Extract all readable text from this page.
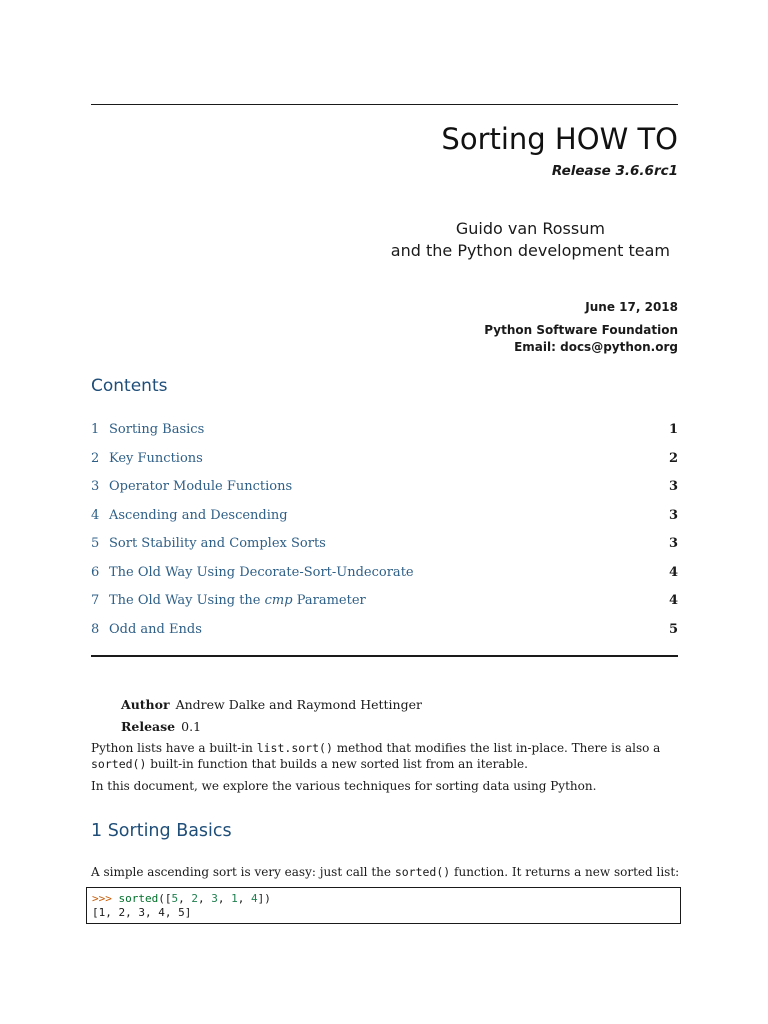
Sorting HOW TO
Release 3.6.6rc1
Guido van Rossum
and the Python development team
June 17, 2018
Python Software Foundation
Email: docs@python.org
Contents
1 Sorting Basics	1
2 Key Functions	2
3 Operator Module Functions	3
4 Ascending and Descending	3
5 Sort Stability and Complex Sorts	3
6 The Old Way Using Decorate-Sort-Undecorate	4
7 The Old Way Using the cmp Parameter	4
8 Odd and Ends	5
Author Andrew Dalke and Raymond Hettinger
Release 0.1
Python lists have a built-in list.sort() method that modifies the list in-place. There is also a sorted() built-in function that builds a new sorted list from an iterable.
In this document, we explore the various techniques for sorting data using Python.
1 Sorting Basics
A simple ascending sort is very easy: just call the sorted() function. It returns a new sorted list:
>>> sorted([5, 2, 3, 1, 4])
[1, 2, 3, 4, 5]
